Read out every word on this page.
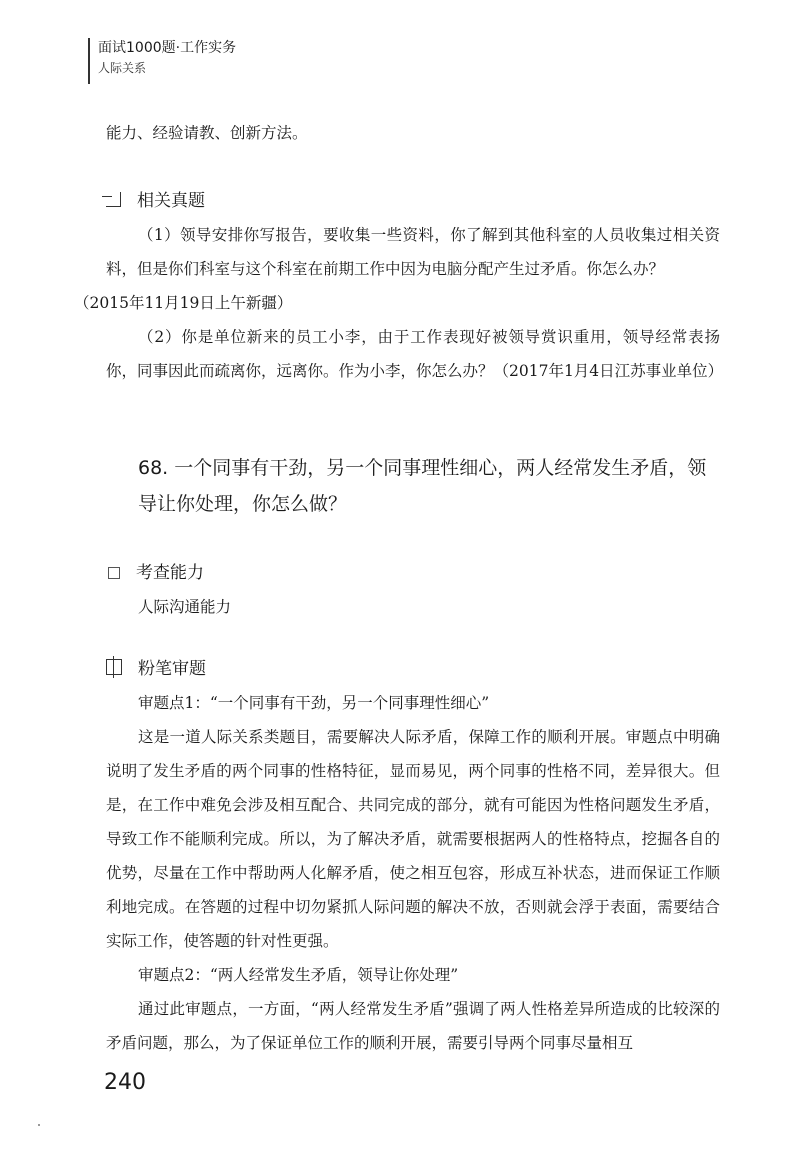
面试1000题·工作实务
人际关系
能力、经验请教、创新方法。
相关真题

（1）领导安排你写报告，要收集一些资料，你了解到其他科室的人员收集过相关资料，但是你们科室与这个科室在前期工作中因为电脑分配产生过矛盾。你怎么办？
（2015年11月19日上午新疆）

（2）你是单位新来的员工小李，由于工作表现好被领导赏识重用，领导经常表扬你，同事因此而疏离你，远离你。作为小李，你怎么办？（2017年1月4日江苏事业单位）

68. 一个同事有干劲，另一个同事理性细心，两人经常发生矛盾，领导让你处理，你怎么做？
考查能力
人际沟通能力
粉笔审题

审题点1：“一个同事有干劲，另一个同事理性细心”

这是一道人际关系类题目，需要解决人际矛盾，保障工作的顺利开展。审题点中明确说明了发生矛盾的两个同事的性格特征，显而易见，两个同事的性格不同，差异很大。但是，在工作中难免会涉及相互配合、共同完成的部分，就有可能因为性格问题发生矛盾，导致工作不能顺利完成。所以，为了解决矛盾，就需要根据两人的性格特点，挖掘各自的优势，尽量在工作中帮助两人化解矛盾，使之相互包容，形成互补状态，进而保证工作顺利地完成。在答题的过程中切勿紧抓人际问题的解决不放，否则就会浮于表面，需要结合实际工作，使答题的针对性更强。

审题点2：“两人经常发生矛盾，领导让你处理”

通过此审题点，一方面，“两人经常发生矛盾”强调了两人性格差异所造成的比较深的矛盾问题，那么，为了保证单位工作的顺利开展，需要引导两个同事尽量相互

240
